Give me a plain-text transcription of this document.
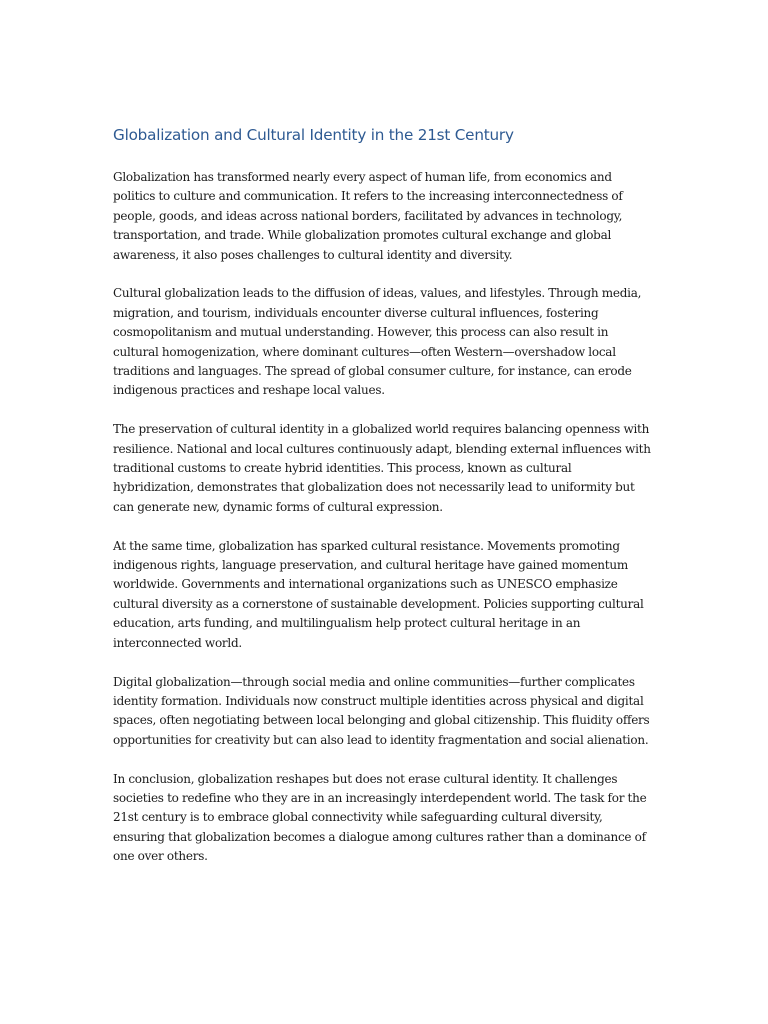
Globalization and Cultural Identity in the 21st Century

Globalization has transformed nearly every aspect of human life, from economics and
politics to culture and communication. It refers to the increasing interconnectedness of
people, goods, and ideas across national borders, facilitated by advances in technology,
transportation, and trade. While globalization promotes cultural exchange and global
awareness, it also poses challenges to cultural identity and diversity.

Cultural globalization leads to the diffusion of ideas, values, and lifestyles. Through media,
migration, and tourism, individuals encounter diverse cultural influences, fostering
cosmopolitanism and mutual understanding. However, this process can also result in
cultural homogenization, where dominant cultures—often Western—overshadow local
traditions and languages. The spread of global consumer culture, for instance, can erode
indigenous practices and reshape local values.

The preservation of cultural identity in a globalized world requires balancing openness with
resilience. National and local cultures continuously adapt, blending external influences with
traditional customs to create hybrid identities. This process, known as cultural
hybridization, demonstrates that globalization does not necessarily lead to uniformity but
can generate new, dynamic forms of cultural expression.

At the same time, globalization has sparked cultural resistance. Movements promoting
indigenous rights, language preservation, and cultural heritage have gained momentum
worldwide. Governments and international organizations such as UNESCO emphasize
cultural diversity as a cornerstone of sustainable development. Policies supporting cultural
education, arts funding, and multilingualism help protect cultural heritage in an
interconnected world.

Digital globalization—through social media and online communities—further complicates
identity formation. Individuals now construct multiple identities across physical and digital
spaces, often negotiating between local belonging and global citizenship. This fluidity offers
opportunities for creativity but can also lead to identity fragmentation and social alienation.

In conclusion, globalization reshapes but does not erase cultural identity. It challenges
societies to redefine who they are in an increasingly interdependent world. The task for the
21st century is to embrace global connectivity while safeguarding cultural diversity,
ensuring that globalization becomes a dialogue among cultures rather than a dominance of
one over others.
